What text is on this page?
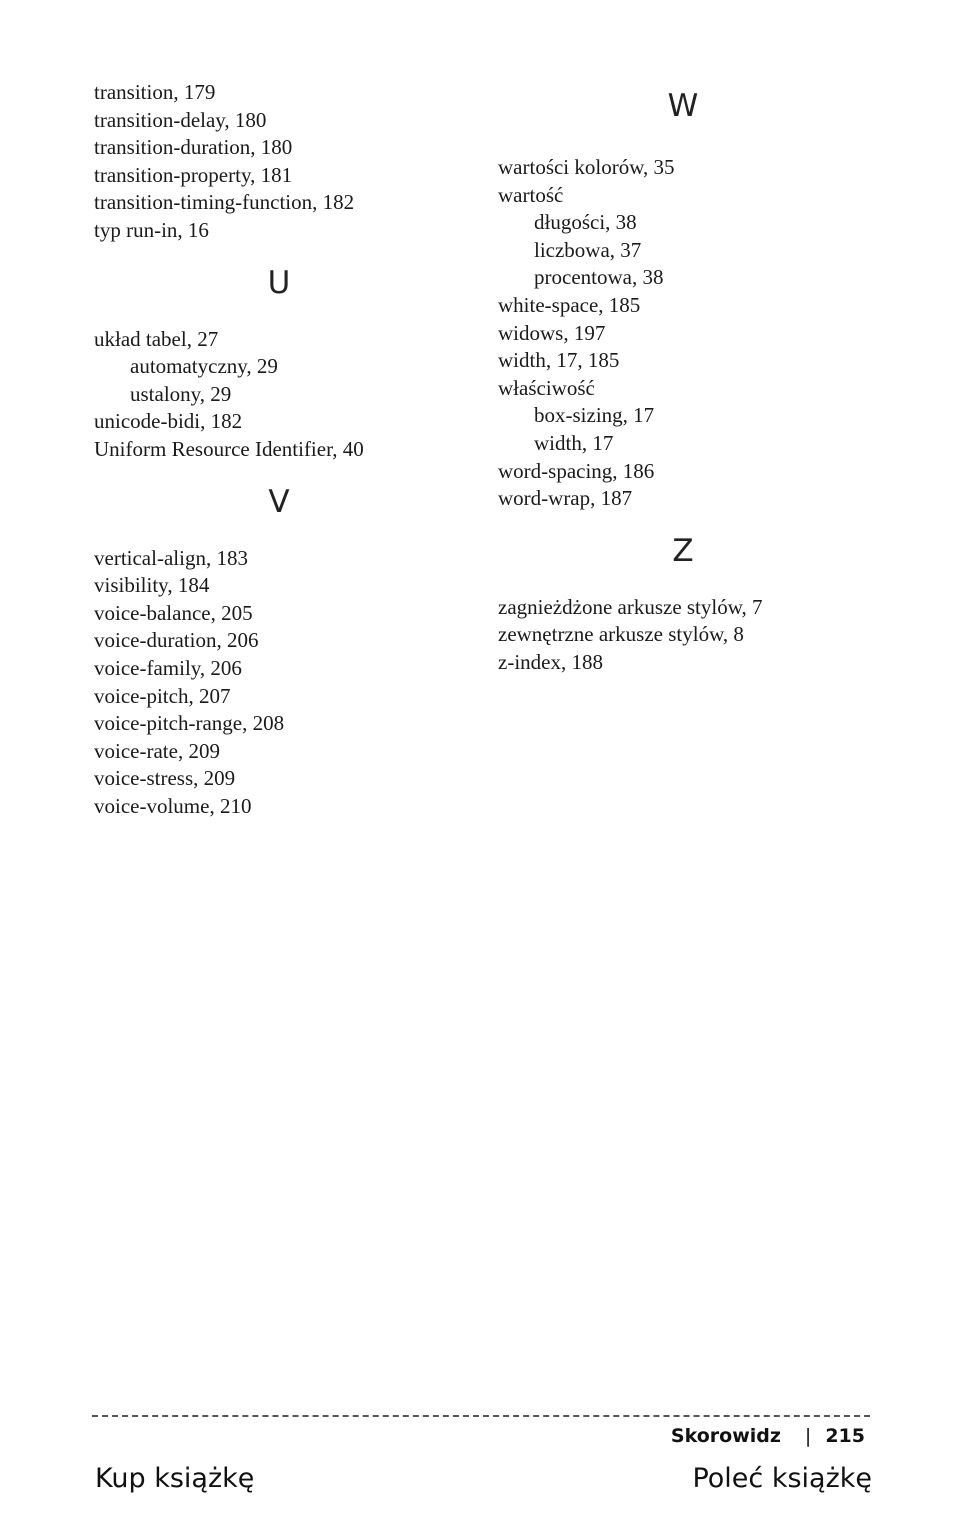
transition, 179
transition-delay, 180
transition-duration, 180
transition-property, 181
transition-timing-function, 182
typ run-in, 16
U
układ tabel, 27
automatyczny, 29
ustalony, 29
unicode-bidi, 182
Uniform Resource Identifier, 40
V
vertical-align, 183
visibility, 184
voice-balance, 205
voice-duration, 206
voice-family, 206
voice-pitch, 207
voice-pitch-range, 208
voice-rate, 209
voice-stress, 209
voice-volume, 210
W
wartości kolorów, 35
wartość
długości, 38
liczbowa, 37
procentowa, 38
white-space, 185
widows, 197
width, 17, 185
właściwość
box-sizing, 17
width, 17
word-spacing, 186
word-wrap, 187
Z
zagnieżdżone arkusze stylów, 7
zewnętrzne arkusze stylów, 8
z-index, 188
Skorowidz | 215
Kup książkę	Poleć książkę
